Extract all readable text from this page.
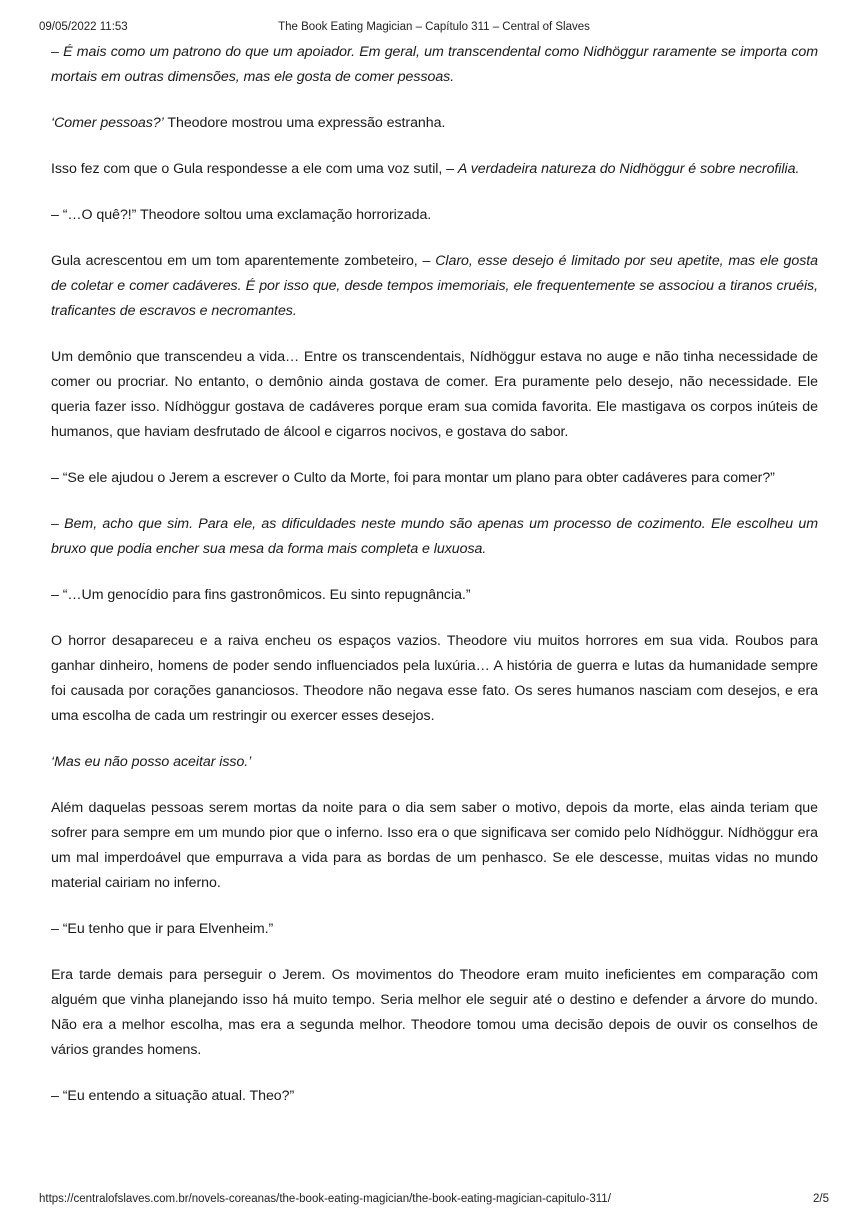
The Book Eating Magician – Capítulo 311 – Central of Slaves
09/05/2022 11:53

– É mais como um patrono do que um apoiador. Em geral, um transcendental como Nidhöggur raramente se importa com mortais em outras dimensões, mas ele gosta de comer pessoas.

‘Comer pessoas?’ Theodore mostrou uma expressão estranha.

Isso fez com que o Gula respondesse a ele com uma voz sutil, – A verdadeira natureza do Nidhöggur é sobre necrofilia.

– “…O quê?!” Theodore soltou uma exclamação horrorizada.

Gula acrescentou em um tom aparentemente zombeteiro, – Claro, esse desejo é limitado por seu apetite, mas ele gosta de coletar e comer cadáveres. É por isso que, desde tempos imemoriais, ele frequentemente se associou a tiranos cruéis, traficantes de escravos e necromantes.

Um demônio que transcendeu a vida… Entre os transcendentais, Nídhöggur estava no auge e não tinha necessidade de comer ou procriar. No entanto, o demônio ainda gostava de comer. Era puramente pelo desejo, não necessidade. Ele queria fazer isso. Nídhöggur gostava de cadáveres porque eram sua comida favorita. Ele mastigava os corpos inúteis de humanos, que haviam desfrutado de álcool e cigarros nocivos, e gostava do sabor.

– “Se ele ajudou o Jerem a escrever o Culto da Morte, foi para montar um plano para obter cadáveres para comer?”

– Bem, acho que sim. Para ele, as dificuldades neste mundo são apenas um processo de cozimento. Ele escolheu um bruxo que podia encher sua mesa da forma mais completa e luxuosa.

– “…Um genocídio para fins gastronômicos. Eu sinto repugnância.”

O horror desapareceu e a raiva encheu os espaços vazios. Theodore viu muitos horrores em sua vida. Roubos para ganhar dinheiro, homens de poder sendo influenciados pela luxúria… A história de guerra e lutas da humanidade sempre foi causada por corações gananciosos. Theodore não negava esse fato. Os seres humanos nasciam com desejos, e era uma escolha de cada um restringir ou exercer esses desejos.

‘Mas eu não posso aceitar isso.’

Além daquelas pessoas serem mortas da noite para o dia sem saber o motivo, depois da morte, elas ainda teriam que sofrer para sempre em um mundo pior que o inferno. Isso era o que significava ser comido pelo Nídhöggur. Nídhöggur era um mal imperdoável que empurrava a vida para as bordas de um penhasco. Se ele descesse, muitas vidas no mundo material cairiam no inferno.

– “Eu tenho que ir para Elvenheim.”

Era tarde demais para perseguir o Jerem. Os movimentos do Theodore eram muito ineficientes em comparação com alguém que vinha planejando isso há muito tempo. Seria melhor ele seguir até o destino e defender a árvore do mundo. Não era a melhor escolha, mas era a segunda melhor. Theodore tomou uma decisão depois de ouvir os conselhos de vários grandes homens.

– “Eu entendo a situação atual. Theo?”

https://centralofslaves.com.br/novels-coreanas/the-book-eating-magician/the-book-eating-magician-capitulo-311/	2/5
